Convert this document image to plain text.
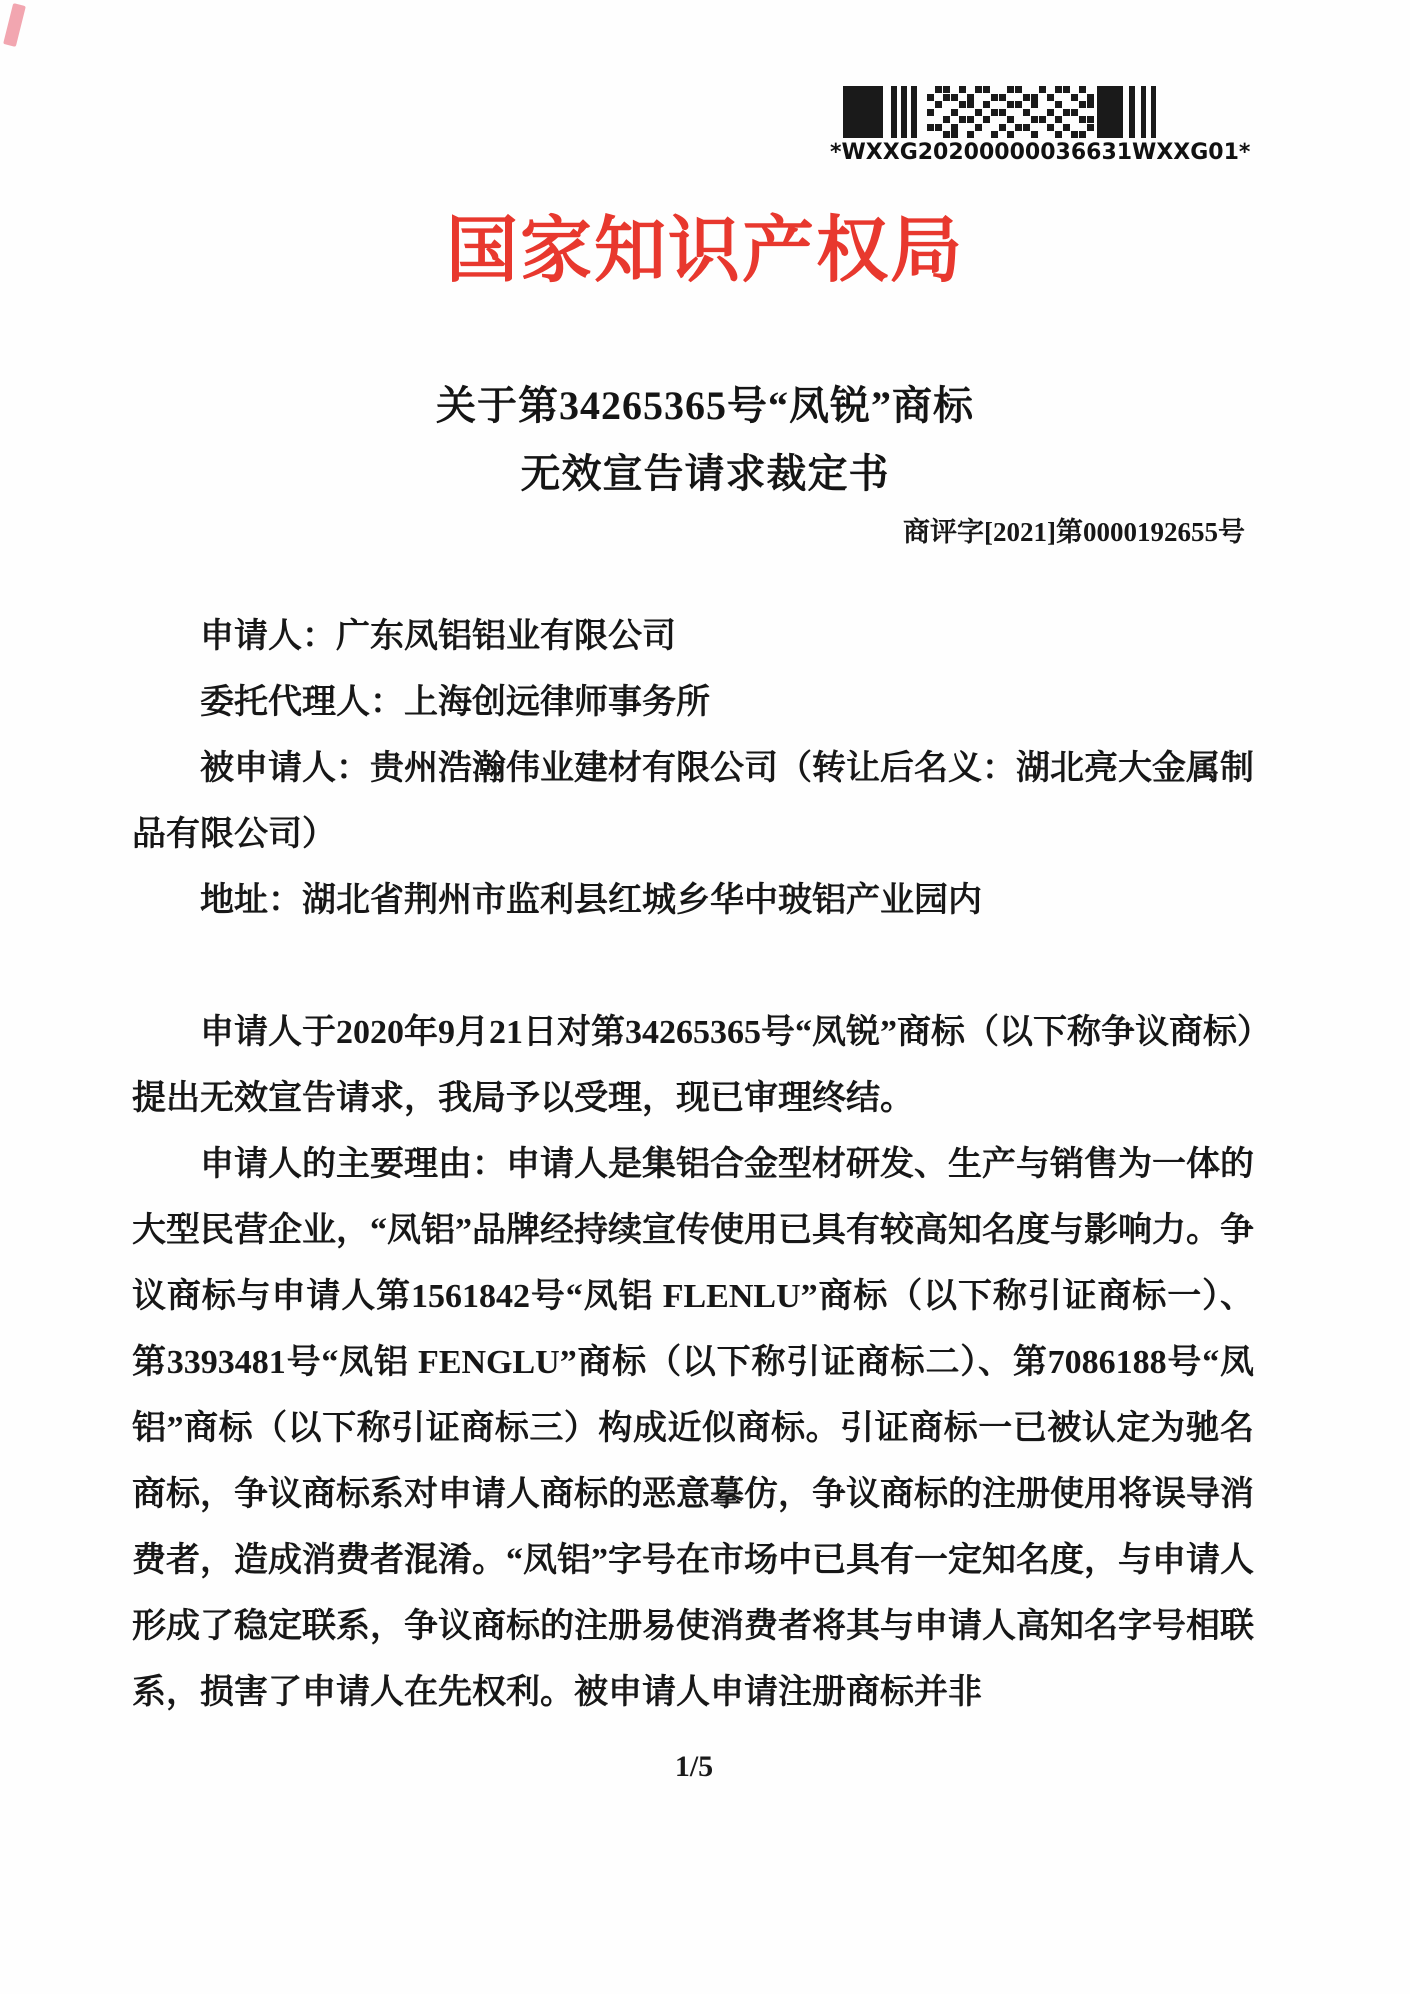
*WXXG20200000036631WXXG01*
国家知识产权局
关于第34265365号“凤锐”商标
无效宣告请求裁定书
商评字[2021]第0000192655号

申请人：广东凤铝铝业有限公司

委托代理人：上海创远律师事务所

被申请人：贵州浩瀚伟业建材有限公司（转让后名义：湖北亮大金属制品有限公司）

地址：湖北省荆州市监利县红城乡华中玻铝产业园内

申请人于2020年9月21日对第34265365号“凤锐”商标（以下称争议商标）提出无效宣告请求，我局予以受理，现已审理终结。

申请人的主要理由：申请人是集铝合金型材研发、生产与销售为一体的大型民营企业，“凤铝”品牌经持续宣传使用已具有较高知名度与影响力。争议商标与申请人第1561842号“凤铝 FLENLU”商标（以下称引证商标一）、第3393481号“凤铝 FENGLU”商标（以下称引证商标二）、第7086188号“凤铝”商标（以下称引证商标三）构成近似商标。引证商标一已被认定为驰名商标，争议商标系对申请人商标的恶意摹仿，争议商标的注册使用将误导消费者，造成消费者混淆。“凤铝”字号在市场中已具有一定知名度，与申请人形成了稳定联系，争议商标的注册易使消费者将其与申请人高知名字号相联系，损害了申请人在先权利。被申请人申请注册商标并非

1/5
